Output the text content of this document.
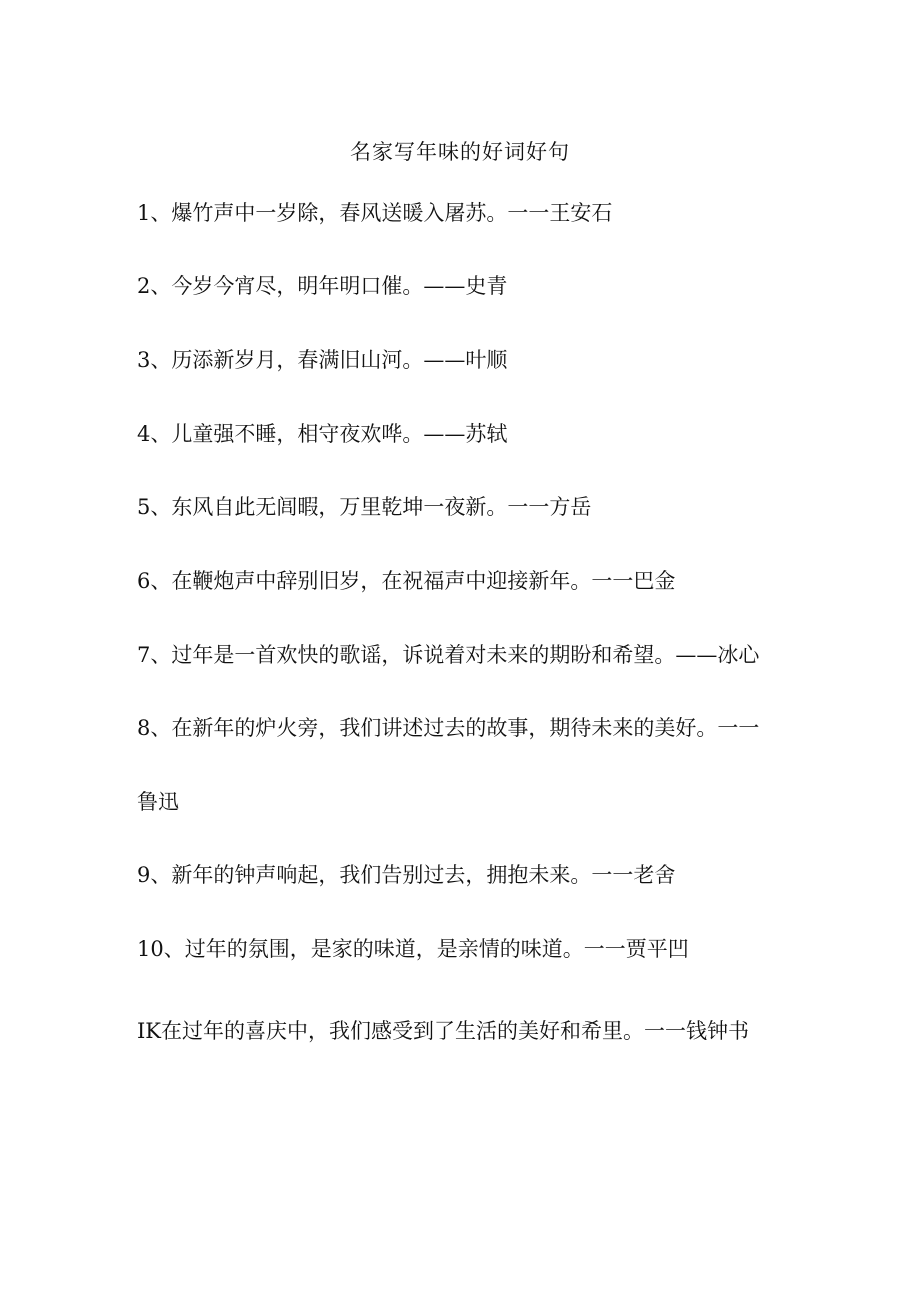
名家写年味的好词好句
1、爆竹声中一岁除，春风送暖入屠苏。一一王安石
2、今岁今宵尽，明年明口催。——史青
3、历添新岁月，春满旧山河。——叶顺
4、儿童强不睡，相守夜欢哗。——苏轼
5、东风自此无闾暇，万里乾坤一夜新。一一方岳
6、在鞭炮声中辞别旧岁，在祝福声中迎接新年。一一巴金
7、过年是一首欢快的歌谣，诉说着对未来的期盼和希望。——冰心
8、在新年的炉火旁，我们讲述过去的故事，期待未来的美好。一一
鲁迅
9、新年的钟声响起，我们告别过去，拥抱未来。一一老舍
10、过年的氛围，是家的味道，是亲情的味道。一一贾平凹
IK在过年的喜庆中，我们感受到了生活的美好和希里。一一钱钟书
